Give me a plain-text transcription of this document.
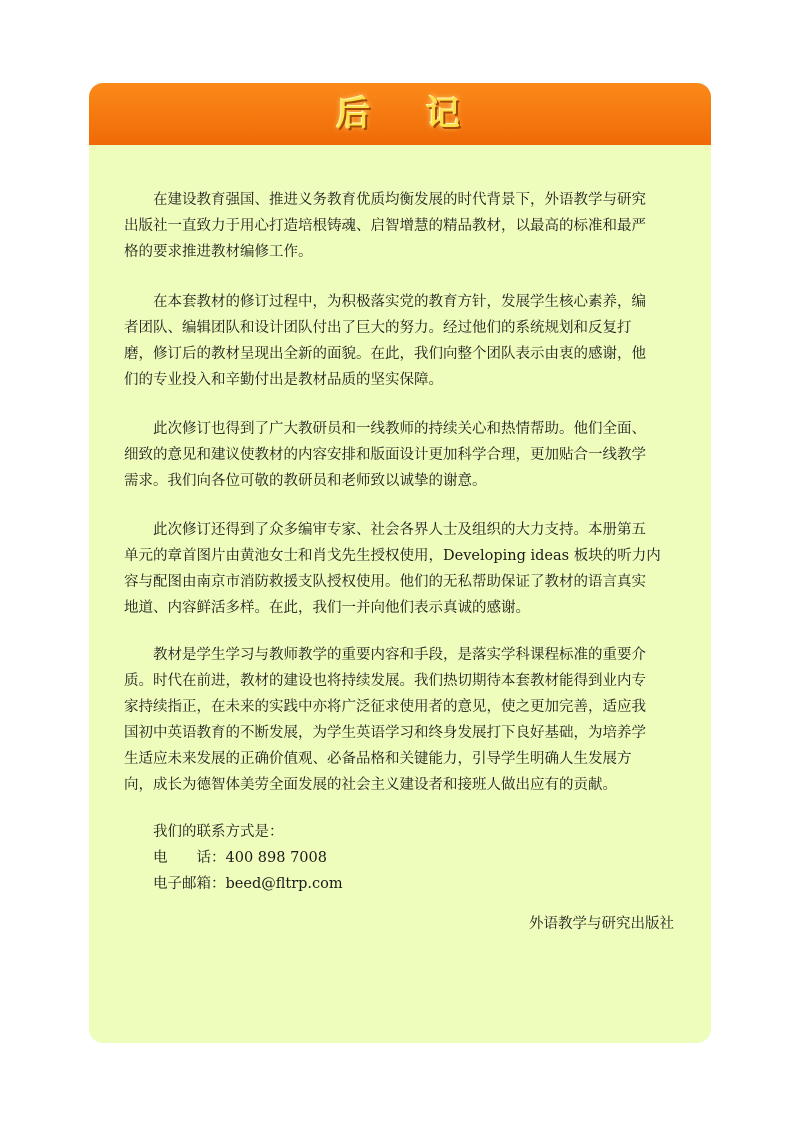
后 记

　　在建设教育强国、推进义务教育优质均衡发展的时代背景下，外语教学与研究
出版社一直致力于用心打造培根铸魂、启智增慧的精品教材，以最高的标准和最严
格的要求推进教材编修工作。

　　在本套教材的修订过程中，为积极落实党的教育方针，发展学生核心素养，编
者团队、编辑团队和设计团队付出了巨大的努力。经过他们的系统规划和反复打
磨，修订后的教材呈现出全新的面貌。在此，我们向整个团队表示由衷的感谢，他
们的专业投入和辛勤付出是教材品质的坚实保障。

　　此次修订也得到了广大教研员和一线教师的持续关心和热情帮助。他们全面、
细致的意见和建议使教材的内容安排和版面设计更加科学合理，更加贴合一线教学
需求。我们向各位可敬的教研员和老师致以诚挚的谢意。

　　此次修订还得到了众多编审专家、社会各界人士及组织的大力支持。本册第五
单元的章首图片由黄池女士和肖戈先生授权使用，Developing ideas 板块的听力内
容与配图由南京市消防救援支队授权使用。他们的无私帮助保证了教材的语言真实
地道、内容鲜活多样。在此，我们一并向他们表示真诚的感谢。

　　教材是学生学习与教师教学的重要内容和手段，是落实学科课程标准的重要介
质。时代在前进，教材的建设也将持续发展。我们热切期待本套教材能得到业内专
家持续指正，在未来的实践中亦将广泛征求使用者的意见，使之更加完善，适应我
国初中英语教育的不断发展，为学生英语学习和终身发展打下良好基础，为培养学
生适应未来发展的正确价值观、必备品格和关键能力，引导学生明确人生发展方
向，成长为德智体美劳全面发展的社会主义建设者和接班人做出应有的贡献。

　　我们的联系方式是：
　　电　　话：400 898 7008
　　电子邮箱：beed@fltrp.com
外语教学与研究出版社
